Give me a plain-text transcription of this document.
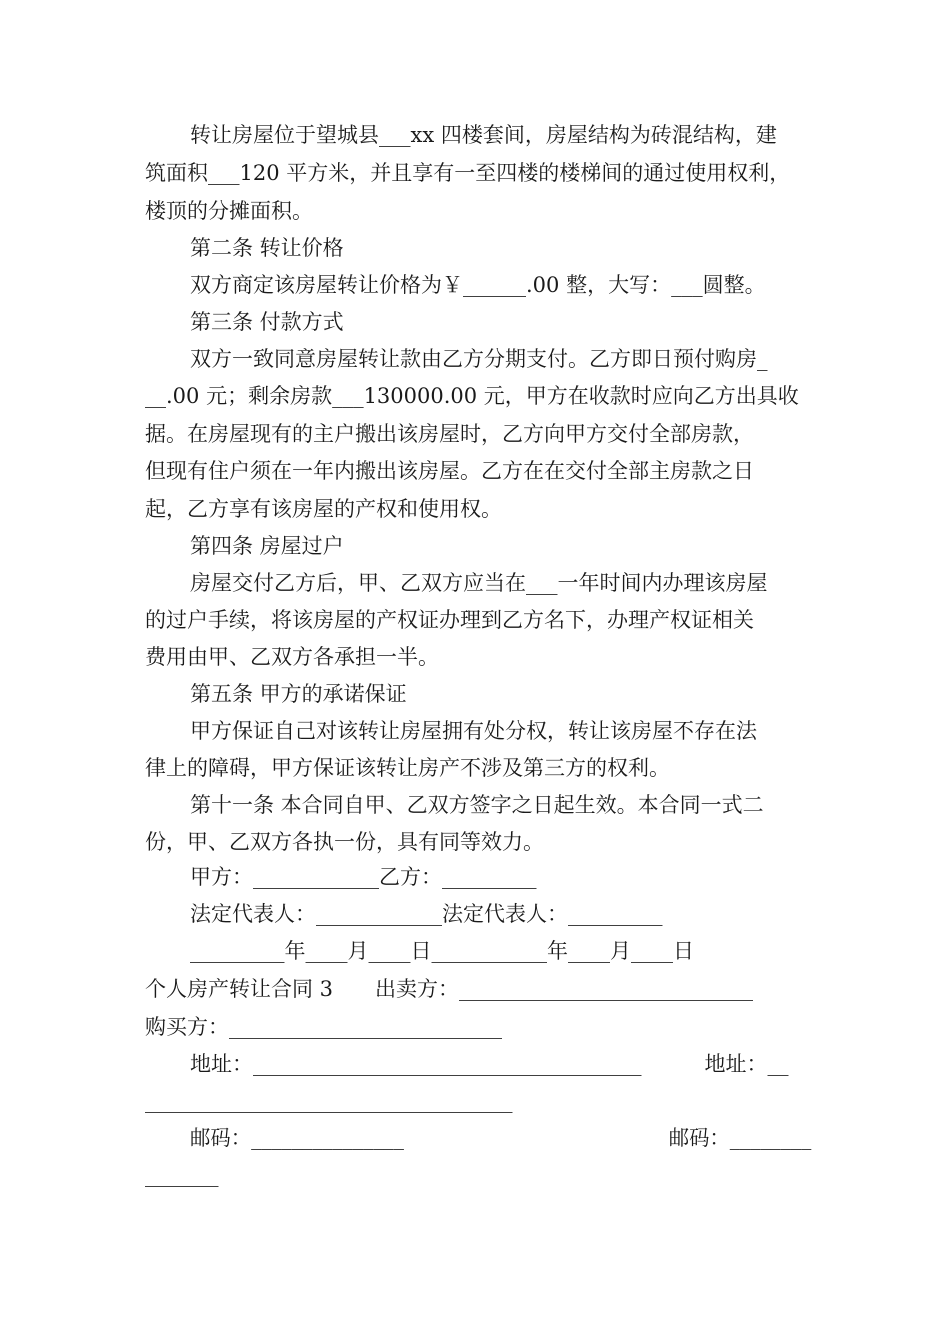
转让房屋位于望城县___xx 四楼套间，房屋结构为砖混结构，建
筑面积___120 平方米，并且享有一至四楼的楼梯间的通过使用权利，
楼顶的分摊面积。
第二条 转让价格
双方商定该房屋转让价格为￥______.00 整，大写：___圆整。
第三条 付款方式
双方一致同意房屋转让款由乙方分期支付。乙方即日预付购房_
__.00 元；剩余房款___130000.00 元，甲方在收款时应向乙方出具收
据。在房屋现有的主户搬出该房屋时，乙方向甲方交付全部房款，
但现有住户须在一年内搬出该房屋。乙方在在交付全部主房款之日
起，乙方享有该房屋的产权和使用权。
第四条 房屋过户
房屋交付乙方后，甲、乙双方应当在___一年时间内办理该房屋
的过户手续，将该房屋的产权证办理到乙方名下，办理产权证相关
费用由甲、乙双方各承担一半。
第五条 甲方的承诺保证
甲方保证自己对该转让房屋拥有处分权，转让该房屋不存在法
律上的障碍，甲方保证该转让房产不涉及第三方的权利。
第十一条 本合同自甲、乙双方签字之日起生效。本合同一式二
份，甲、乙双方各执一份，具有同等效力。
甲方：____________乙方：_________
法定代表人：____________法定代表人：_________
_________年____月____日___________年____月____日
个人房产转让合同 3　　出卖方：____________________________
购买方：__________________________
地址：_____________________________________　　　地址：__
___________________________________
邮码：_______________　　　　　　　　　　　　　邮码：________
_______
